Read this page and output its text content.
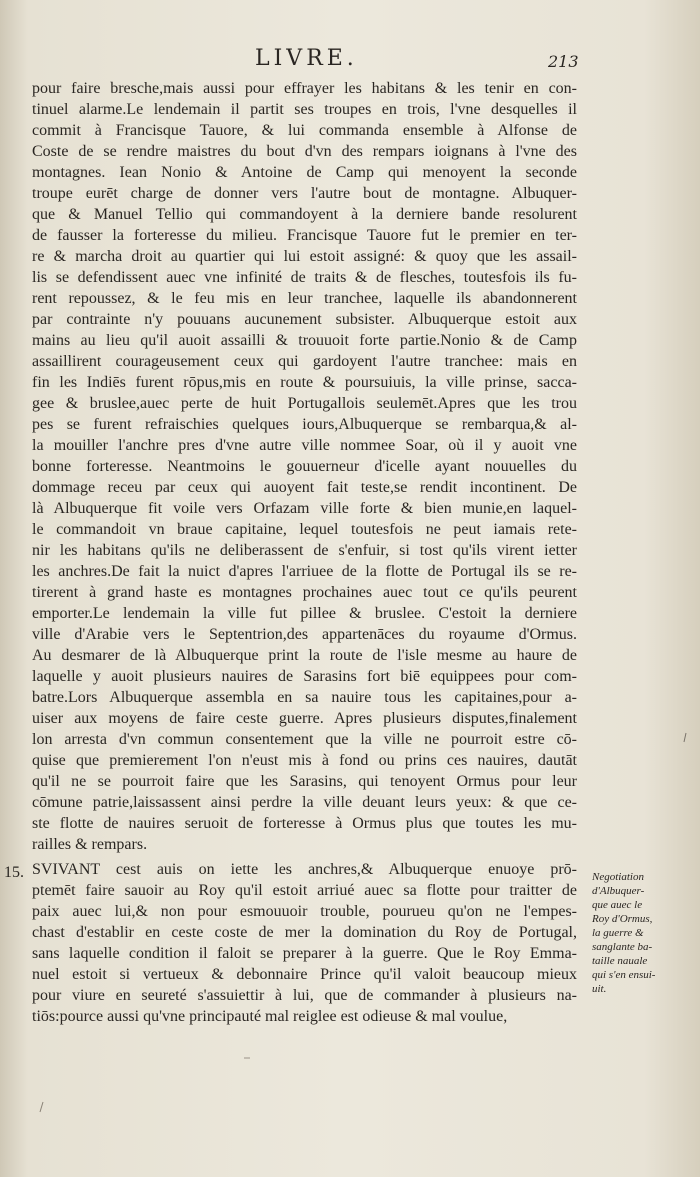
LIVRE.	213
pour faire bresche,mais aussi pour effrayer les habitans & les tenir en con-
tinuel alarme.Le lendemain il partit ses troupes en trois, l'vne desquelles il
commit à Francisque Tauore, & lui commanda ensemble à Alfonse de
Coste de se rendre maistres du bout d'vn des rempars ioignans à l'vne des
montagnes. Iean Nonio & Antoine de Camp qui menoyent la seconde
troupe eurēt charge de donner vers l'autre bout de montagne. Albuquer-
que & Manuel Tellio qui commandoyent à la derniere bande resolurent
de fausser la forteresse du milieu. Francisque Tauore fut le premier en ter-
re & marcha droit au quartier qui lui estoit assigné: & quoy que les assail-
lis se defendissent auec vne infinité de traits & de flesches, toutesfois ils fu-
rent repoussez, & le feu mis en leur tranchee, laquelle ils abandonnerent
par contrainte n'y pouuans aucunement subsister. Albuquerque estoit aux
mains au lieu qu'il auoit assailli & trouuoit forte partie.Nonio & de Camp
assaillirent courageusement ceux qui gardoyent l'autre tranchee: mais en
fin les Indiēs furent rōpus,mis en route & poursuiuis, la ville prinse, sacca-
gee & bruslee,auec perte de huit Portugallois seulemēt.Apres que les trou
pes se furent refraischies quelques iours,Albuquerque se rembarqua,& al-
la mouiller l'anchre pres d'vne autre ville nommee Soar, où il y auoit vne
bonne forteresse. Neantmoins le gouuerneur d'icelle ayant nouuelles du
dommage receu par ceux qui auoyent fait teste,se rendit incontinent. De
là Albuquerque fit voile vers Orfazam ville forte & bien munie,en laquel-
le commandoit vn braue capitaine, lequel toutesfois ne peut iamais rete-
nir les habitans qu'ils ne deliberassent de s'enfuir, si tost qu'ils virent ietter
les anchres.De fait la nuict d'apres l'arriuee de la flotte de Portugal ils se re-
tirerent à grand haste es montagnes prochaines auec tout ce qu'ils peurent
emporter.Le lendemain la ville fut pillee & bruslee. C'estoit la derniere
ville d'Arabie vers le Septentrion,des appartenāces du royaume d'Ormus.
Au desmarer de là Albuquerque print la route de l'isle mesme au haure de
laquelle y auoit plusieurs nauires de Sarasins fort biē equippees pour com-
batre.Lors Albuquerque assembla en sa nauire tous les capitaines,pour a-
uiser aux moyens de faire ceste guerre. Apres plusieurs disputes,finalement
lon arresta d'vn commun consentement que la ville ne pourroit estre cō-
quise que premierement l'on n'eust mis à fond ou prins ces nauires, dautāt
qu'il ne se pourroit faire que les Sarasins, qui tenoyent Ormus pour leur
cōmune patrie,laissassent ainsi perdre la ville deuant leurs yeux: & que ce-
ste flotte de nauires seruoit de forteresse à Ormus plus que toutes les mu-
railles & rempars.
SVIVANT cest auis on iette les anchres,& Albuquerque enuoye prō-
ptemēt faire sauoir au Roy qu'il estoit arriué auec sa flotte pour traitter de
paix auec lui,& non pour esmouuoir trouble, pourueu qu'on ne l'empes-
chast d'establir en ceste coste de mer la domination du Roy de Portugal,
sans laquelle condition il faloit se preparer à la guerre. Que le Roy Emma-
nuel estoit si vertueux & debonnaire Prince qu'il valoit beaucoup mieux
pour viure en seureté s'assuiettir à lui, que de commander à plusieurs na-
tiōs:pource aussi qu'vne principauté mal reiglee est odieuse & mal voulue,
15.	Negotiation
d'Albuquer-
que auec le
Roy d'Ormus,
la guerre &
sanglante ba-
taille nauale
qui s'en ensui-
uit.
